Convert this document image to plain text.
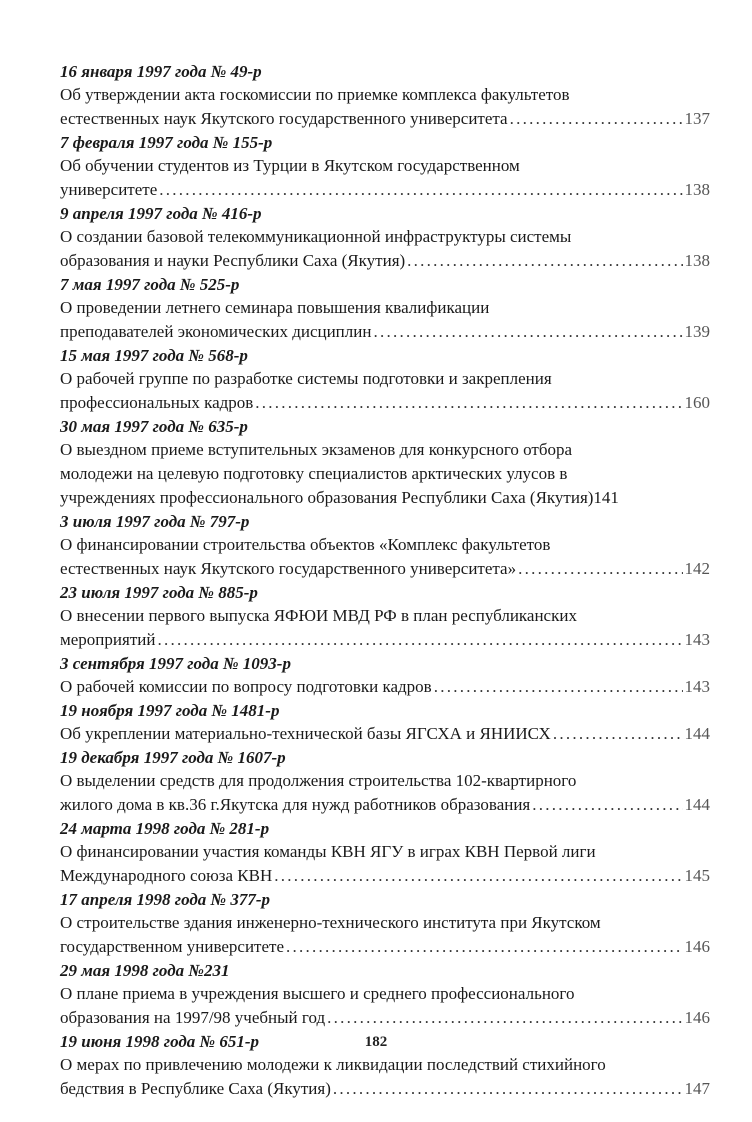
16 января 1997 года № 49-р
Об утверждении акта госкомиссии по приемке комплекса факультетов
естественных наук Якутского государственного университета . . .	137
7 февраля 1997 года № 155-р
Об обучении студентов из Турции в Якутском государственном
университете . . .	138
9 апреля 1997 года № 416-р
О создании базовой телекоммуникационной инфраструктуры системы
образования и науки Республики Саха (Якутия) . . .	138
7 мая 1997 года № 525-р
О проведении летнего семинара повышения квалификации
преподавателей экономических дисциплин . . .	139
15 мая 1997 года № 568-р
О рабочей группе по разработке системы подготовки и закрепления
профессиональных кадров . . .	160
30 мая 1997 года № 635-р
О выездном приеме вступительных экзаменов для конкурсного отбора
молодежи на целевую подготовку специалистов арктических улусов в
учреждениях профессионального образования Республики Саха (Якутия)141
3 июля 1997 года № 797-р
О финансировании строительства объектов «Комплекс факультетов
естественных наук Якутского государственного университета» . . .	142
23 июля 1997 года № 885-р
О внесении первого выпуска ЯФЮИ МВД РФ в план республиканских
мероприятий . . .	143
3 сентября 1997 года № 1093-р
О рабочей комиссии по вопросу подготовки кадров . . .	143
19 ноября 1997 года № 1481-р
Об укреплении материально-технической базы ЯГСХА и ЯНИИСХ . . .	144
19 декабря 1997 года № 1607-р
О выделении средств для продолжения строительства 102-квартирного
жилого дома в кв.36 г.Якутска для нужд работников образования . . .	144
24 марта 1998 года № 281-р
О финансировании участия команды КВН ЯГУ в играх КВН Первой лиги
Международного союза КВН . . .	145
17 апреля 1998 года № 377-р
О строительстве здания инженерно-технического института при Якутском
государственном университете . . .	146
29 мая 1998 года №231
О плане приема в учреждения высшего и среднего профессионального
образования на 1997/98 учебный год . . .	146
19 июня 1998 года № 651-р
О мерах по привлечению молодежи к ликвидации последствий стихийного
бедствия в Республике Саха (Якутия) . . .	147
182
